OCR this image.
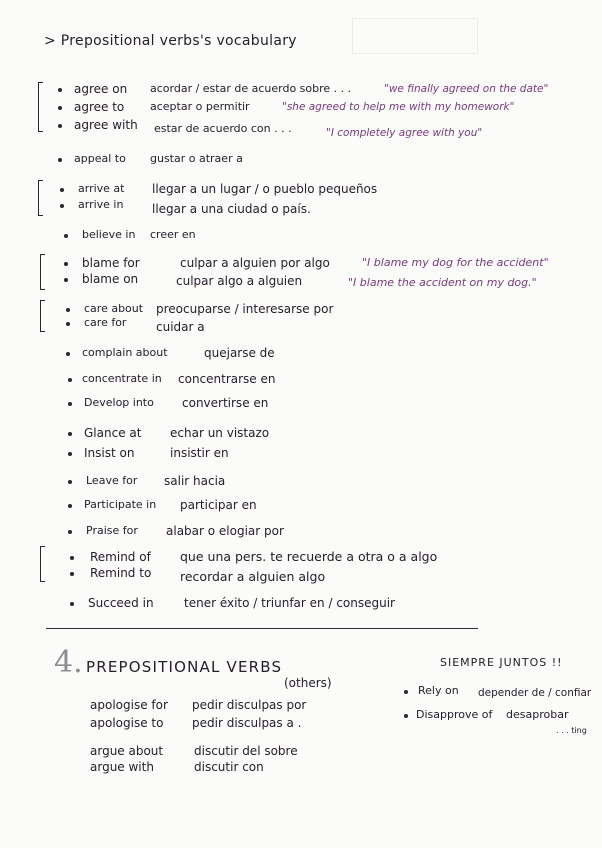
> Prepositional verbs's vocabulary
agree on acordar / estar de acuerdo sobre . . .	"we finally agreed on the date"
agree to aceptar o permitir	"she agreed to help me with my homework"
agree with estar de acuerdo con . . .	"I completely agree with you"
appeal to gustar o atraer a
arrive at llegar a un lugar / o pueblo pequeños
arrive in llegar a una ciudad o país.
believe in creer en
blame for	culpar a alguien por algo	"I blame my dog for the accident"
blame on	culpar algo a alguien	"I blame the accident on my dog."
care about preocuparse / interesarse por
care for cuidar a
complain about	quejarse de
concentrate in concentrarse en
Develop into convertirse en
Glance at echar un vistazo
Insist on	insistir en
Leave for salir hacia
Participate in participar en
Praise for alabar o elogiar por
Remind of que una pers. te recuerde a otra o a algo
Remind to recordar a alguien algo
Succeed in	tener éxito / triunfar en / conseguir
4. PREPOSITIONAL VERBS
(others)
apologise for pedir disculpas por
apologise to pedir disculpas a .
argue about	discutir del sobre
argue with	discutir con
SIEMPRE JUNTOS !!
Rely on depender de / confiar
Disapprove of desaprobar
. . . ting
